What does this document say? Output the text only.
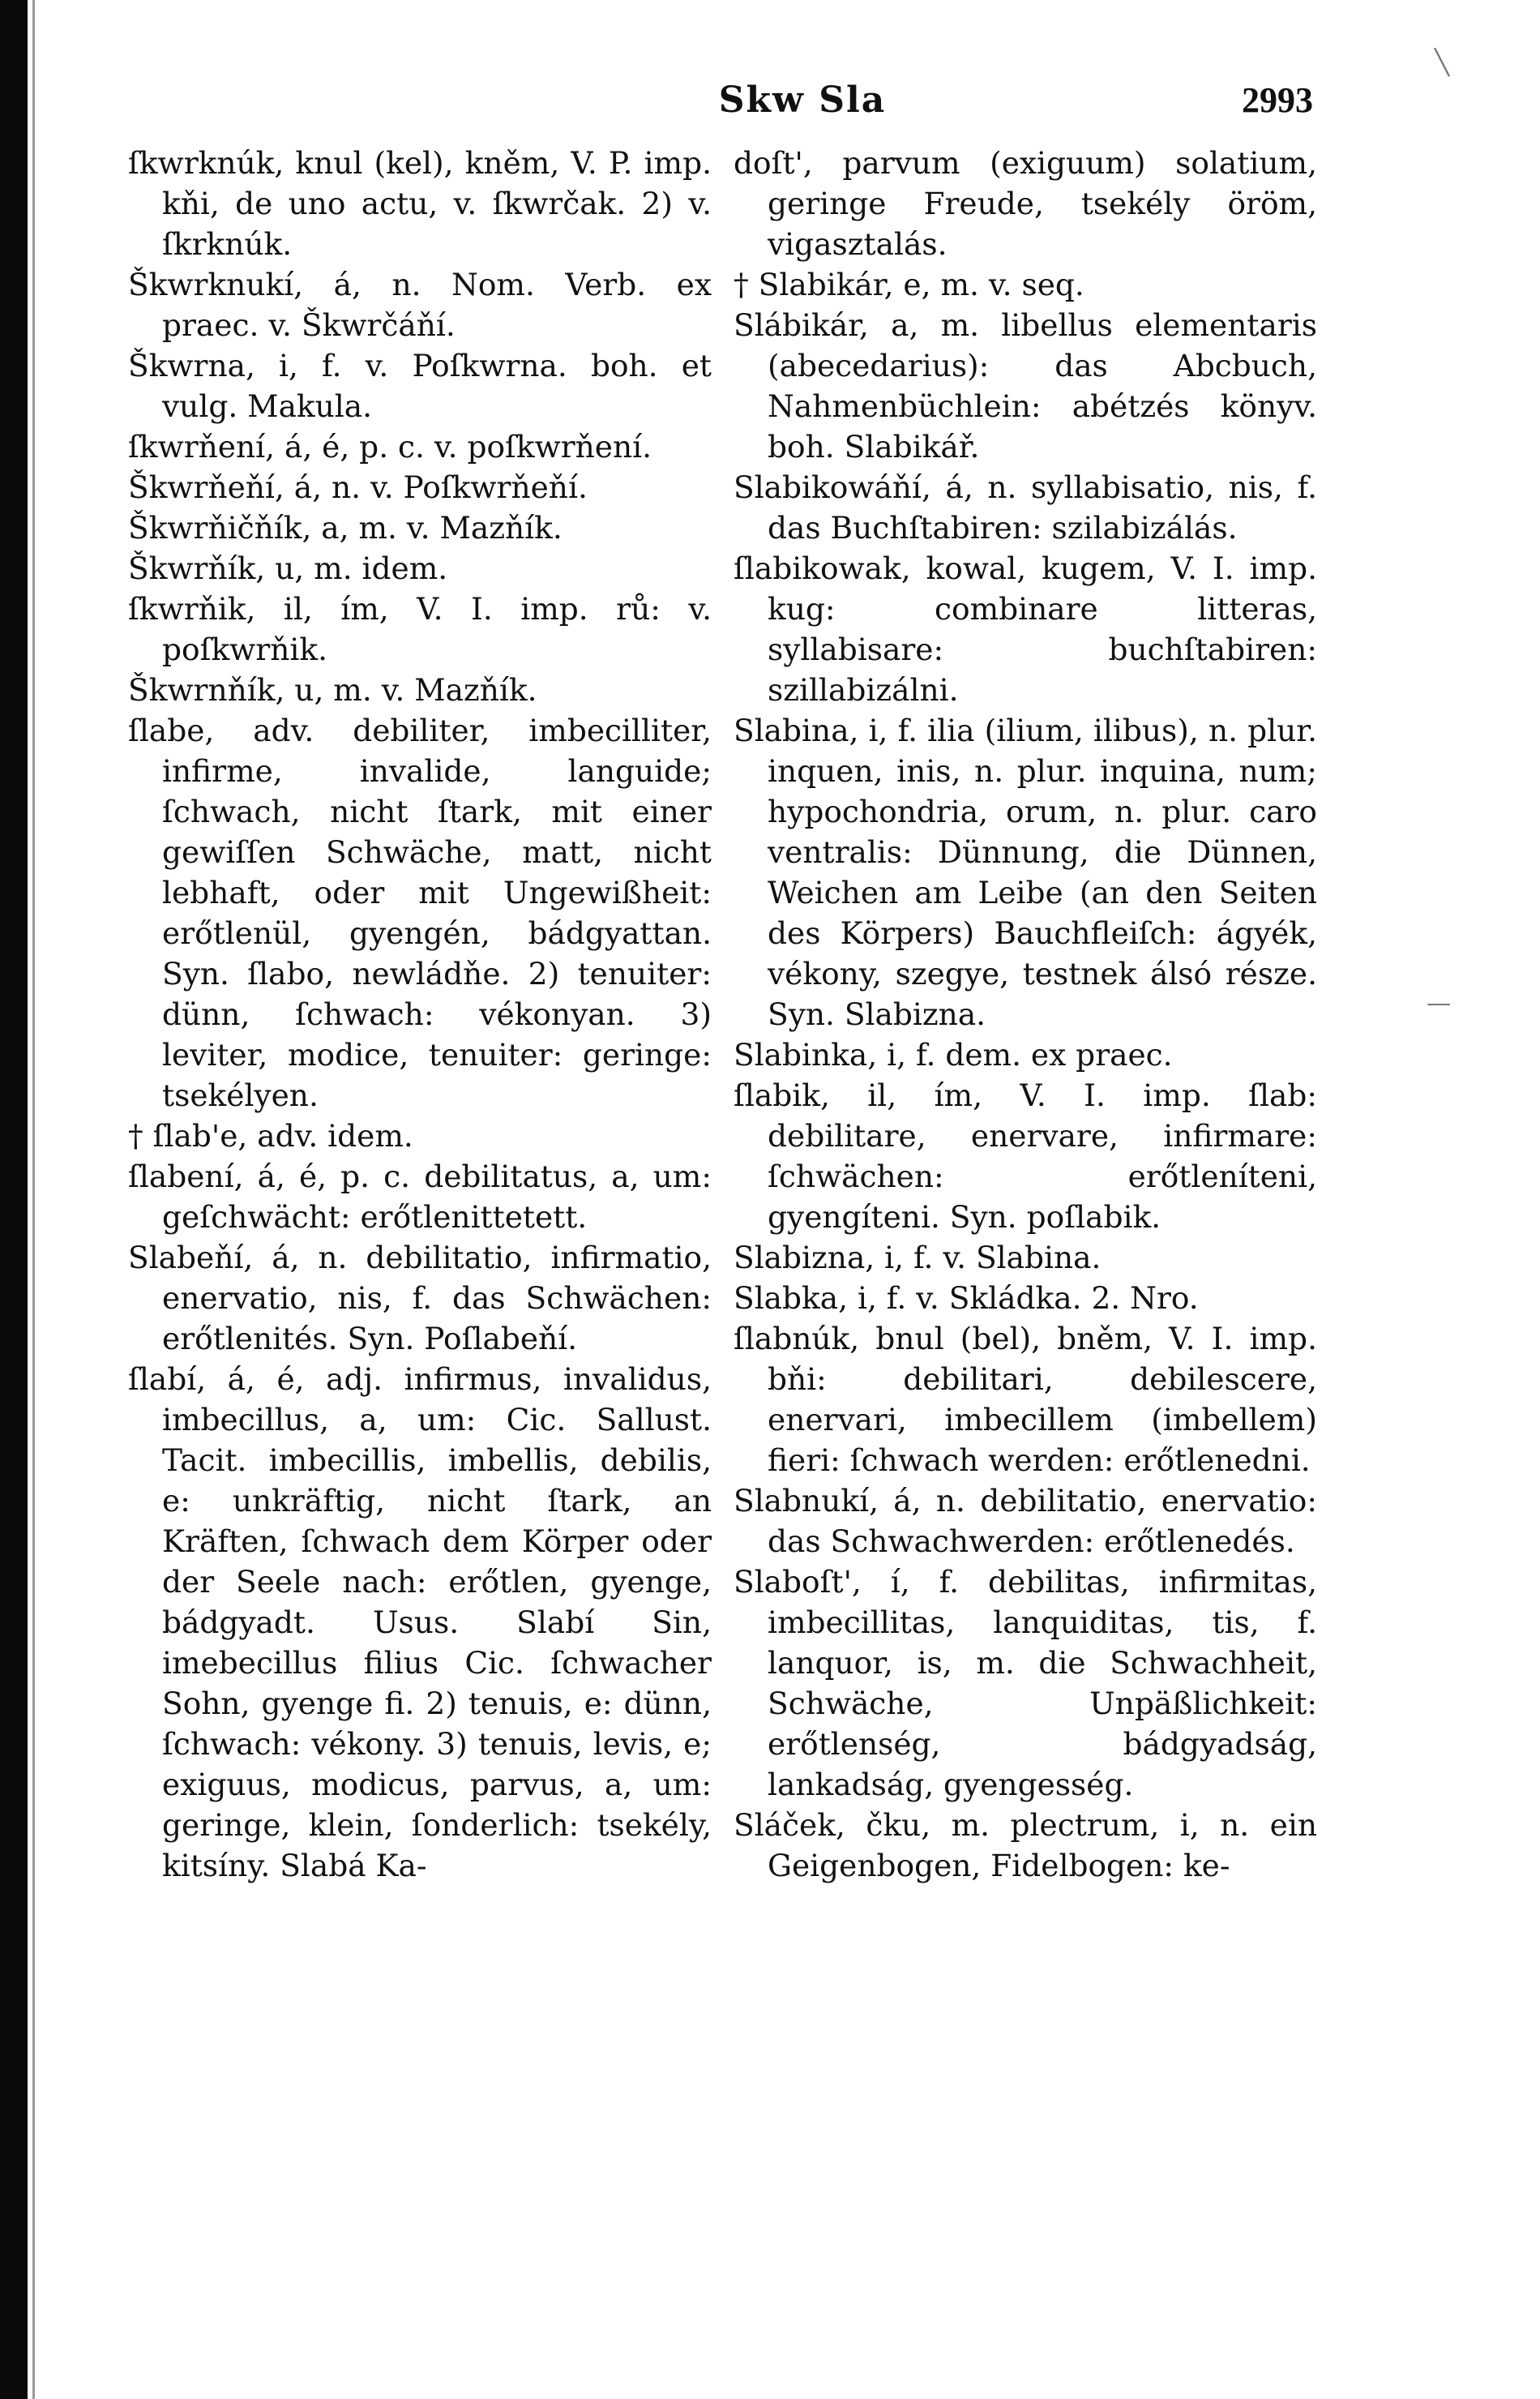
Skw Sla	2993

ſkwrknúk, knul (kel), kněm, V. P. imp. kňi, de uno actu, v. ſkwrčak. 2) v. ſkrknúk.

Škwrknukí, á, n. Nom. Verb. ex praec. v. Škwrčáňí.

Škwrna, i, f. v. Poſkwrna. boh. et vulg. Makula.

ſkwrňení, á, é, p. c. v. poſkwrňení.

Škwrňeňí, á, n. v. Poſkwrňeňí.

Škwrňičňík, a, m. v. Mazňík.

Škwrňík, u, m. idem.

ſkwrňik, il, ím, V. I. imp. rů: v. poſkwrňik.

Škwrnňík, u, m. v. Mazňík.

ſlabe, adv. debiliter, imbecilliter, infirme, invalide, languide; ſchwach, nicht ſtark, mit einer gewiſſen Schwäche, matt, nicht lebhaft, oder mit Ungewißheit: erőtlenül, gyengén, bádgyattan. Syn. ſlabo, newládňe. 2) tenuiter: dünn, ſchwach: vékonyan. 3) leviter, modice, tenuiter: geringe: tsekélyen.

† ſlab'e, adv. idem.

ſlabení, á, é, p. c. debilitatus, a, um: geſchwächt: erőtlenittetett.

Slabeňí, á, n. debilitatio, infirmatio, enervatio, nis, f. das Schwächen: erőtlenités. Syn. Poſlabeňí.

ſlabí, á, é, adj. infirmus, invalidus, imbecillus, a, um: Cic. Sallust. Tacit. imbecillis, imbellis, debilis, e: unkräftig, nicht ſtark, an Kräften, ſchwach dem Körper oder der Seele nach: erőtlen, gyenge, bádgyadt. Usus. Slabí Sin, imebecillus filius Cic. ſchwacher Sohn, gyenge fi. 2) tenuis, e: dünn, ſchwach: vékony. 3) tenuis, levis, e; exiguus, modicus, parvus, a, um: geringe, klein, ſonderlich: tsekély, kitsíny. Slabá Ka-

doſt', parvum (exiguum) solatium, geringe Freude, tsekély öröm, vigasztalás.

† Slabikár, e, m. v. seq.

Slábikár, a, m. libellus elementaris (abecedarius): das Abcbuch, Nahmenbüchlein: abétzés könyv. boh. Slabikář.

Slabikowáňí, á, n. syllabisatio, nis, f. das Buchſtabiren: szilabizálás.

ſlabikowak, kowal, kugem, V. I. imp. kug: combinare litteras, syllabisare: buchſtabiren: szillabizálni.

Slabina, i, f. ilia (ilium, ilibus), n. plur. inquen, inis, n. plur. inquina, num; hypochondria, orum, n. plur. caro ventralis: Dünnung, die Dünnen, Weichen am Leibe (an den Seiten des Körpers) Bauchfleiſch: ágyék, vékony, szegye, testnek álsó része. Syn. Slabizna.

Slabinka, i, f. dem. ex praec.

ſlabik, il, ím, V. I. imp. ſlab: debilitare, enervare, infirmare: ſchwächen: erőtleníteni, gyengíteni. Syn. poſlabik.

Slabizna, i, f. v. Slabina.

Slabka, i, f. v. Skládka. 2. Nro.

ſlabnúk, bnul (bel), bněm, V. I. imp. bňi: debilitari, debilescere, enervari, imbecillem (imbellem) fieri: ſchwach werden: erőtlenedni.

Slabnukí, á, n. debilitatio, enervatio: das Schwachwerden: erőtlenedés.

Slaboſt', í, f. debilitas, infirmitas, imbecillitas, lanquiditas, tis, f. lanquor, is, m. die Schwachheit, Schwäche, Unpäßlichkeit: erőtlenség, bádgyadság, lankadság, gyengesség.

Sláček, čku, m. plectrum, i, n. ein Geigenbogen, Fidelbogen: ke-

╲
—
